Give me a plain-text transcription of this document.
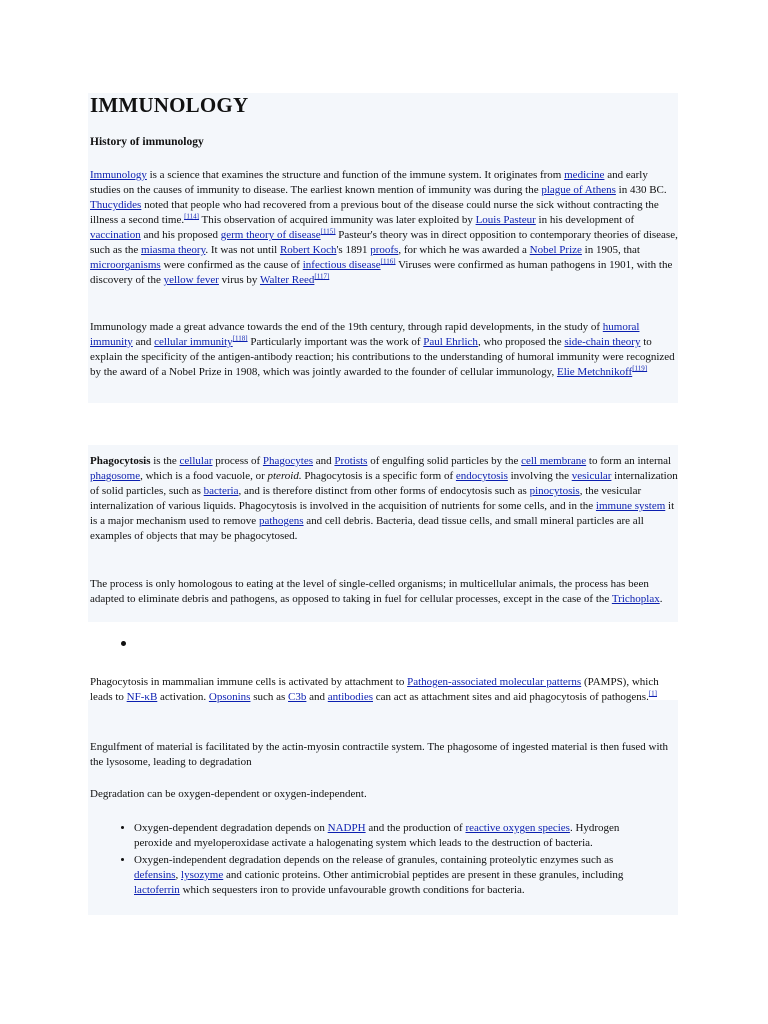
IMMUNOLOGY
History of immunology

Immunology is a science that examines the structure and function of the immune system. It originates from medicine and early studies on the causes of immunity to disease. The earliest known mention of immunity was during the plague of Athens in 430 BC. Thucydides noted that people who had recovered from a previous bout of the disease could nurse the sick without contracting the illness a second time.[114] This observation of acquired immunity was later exploited by Louis Pasteur in his development of vaccination and his proposed germ theory of disease[115] Pasteur's theory was in direct opposition to contemporary theories of disease, such as the miasma theory. It was not until Robert Koch's 1891 proofs, for which he was awarded a Nobel Prize in 1905, that microorganisms were confirmed as the cause of infectious disease[116] Viruses were confirmed as human pathogens in 1901, with the discovery of the yellow fever virus by Walter Reed[117]

Immunology made a great advance towards the end of the 19th century, through rapid developments, in the study of humoral immunity and cellular immunity[118] Particularly important was the work of Paul Ehrlich, who proposed the side-chain theory to explain the specificity of the antigen-antibody reaction; his contributions to the understanding of humoral immunity were recognized by the award of a Nobel Prize in 1908, which was jointly awarded to the founder of cellular immunology, Elie Metchnikoff[119]

Phagocytosis is the cellular process of Phagocytes and Protists of engulfing solid particles by the cell membrane to form an internal phagosome, which is a food vacuole, or pteroid. Phagocytosis is a specific form of endocytosis involving the vesicular internalization of solid particles, such as bacteria, and is therefore distinct from other forms of endocytosis such as pinocytosis, the vesicular internalization of various liquids. Phagocytosis is involved in the acquisition of nutrients for some cells, and in the immune system it is a major mechanism used to remove pathogens and cell debris. Bacteria, dead tissue cells, and small mineral particles are all examples of objects that may be phagocytosed.

The process is only homologous to eating at the level of single-celled organisms; in multicellular animals, the process has been adapted to eliminate debris and pathogens, as opposed to taking in fuel for cellular processes, except in the case of the Trichoplax.

Phagocytosis in mammalian immune cells is activated by attachment to Pathogen-associated molecular patterns (PAMPS), which leads to NF-κB activation. Opsonins such as C3b and antibodies can act as attachment sites and aid phagocytosis of pathogens.[1]

Engulfment of material is facilitated by the actin-myosin contractile system. The phagosome of ingested material is then fused with the lysosome, leading to degradation

Degradation can be oxygen-dependent or oxygen-independent.

• Oxygen-dependent degradation depends on NADPH and the production of reactive oxygen species. Hydrogen peroxide and myeloperoxidase activate a halogenating system which leads to the destruction of bacteria.
• Oxygen-independent degradation depends on the release of granules, containing proteolytic enzymes such as defensins, lysozyme and cationic proteins. Other antimicrobial peptides are present in these granules, including lactoferrin which sequesters iron to provide unfavourable growth conditions for bacteria.
